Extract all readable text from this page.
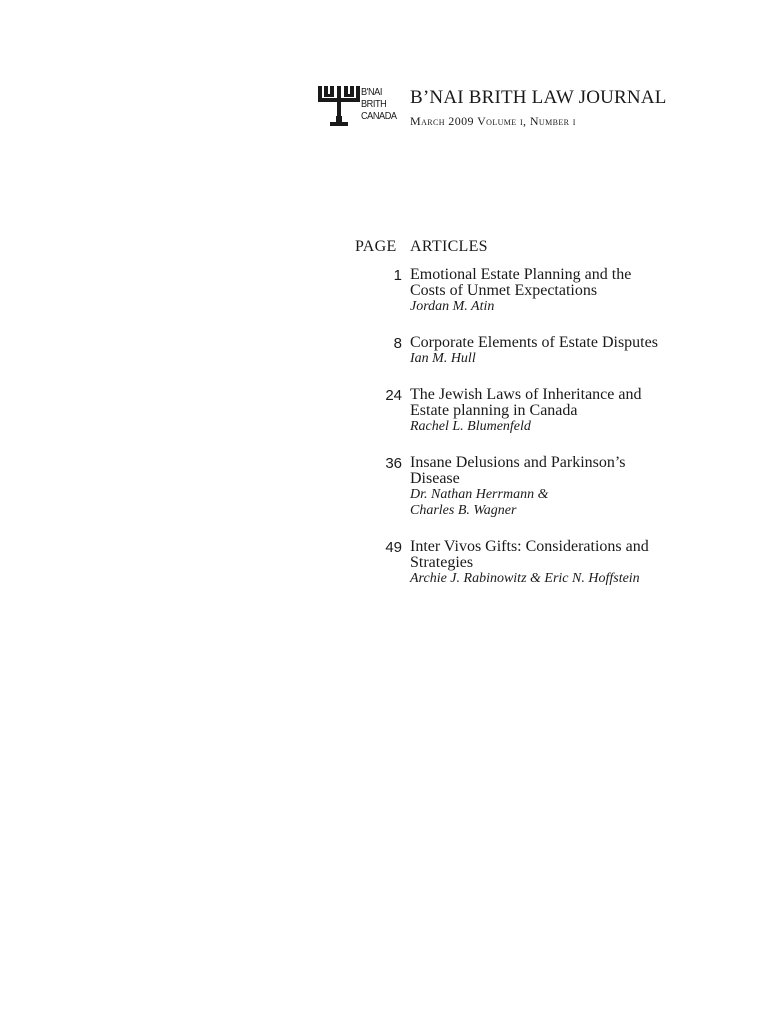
B'NAI
BRITH
CANADA
B’NAI BRITH LAW JOURNAL
March 2009 Volume i, Number i
PAGE ARTICLES
1 Emotional Estate Planning and the
Costs of Unmet Expectations
Jordan M. Atin
8 Corporate Elements of Estate Disputes
Ian M. Hull
24 The Jewish Laws of Inheritance and
Estate planning in Canada
Rachel L. Blumenfeld
36 Insane Delusions and Parkinson’s
Disease
Dr. Nathan Herrmann &
Charles B. Wagner
49 Inter Vivos Gifts: Considerations and
Strategies
Archie J. Rabinowitz & Eric N. Hoffstein
